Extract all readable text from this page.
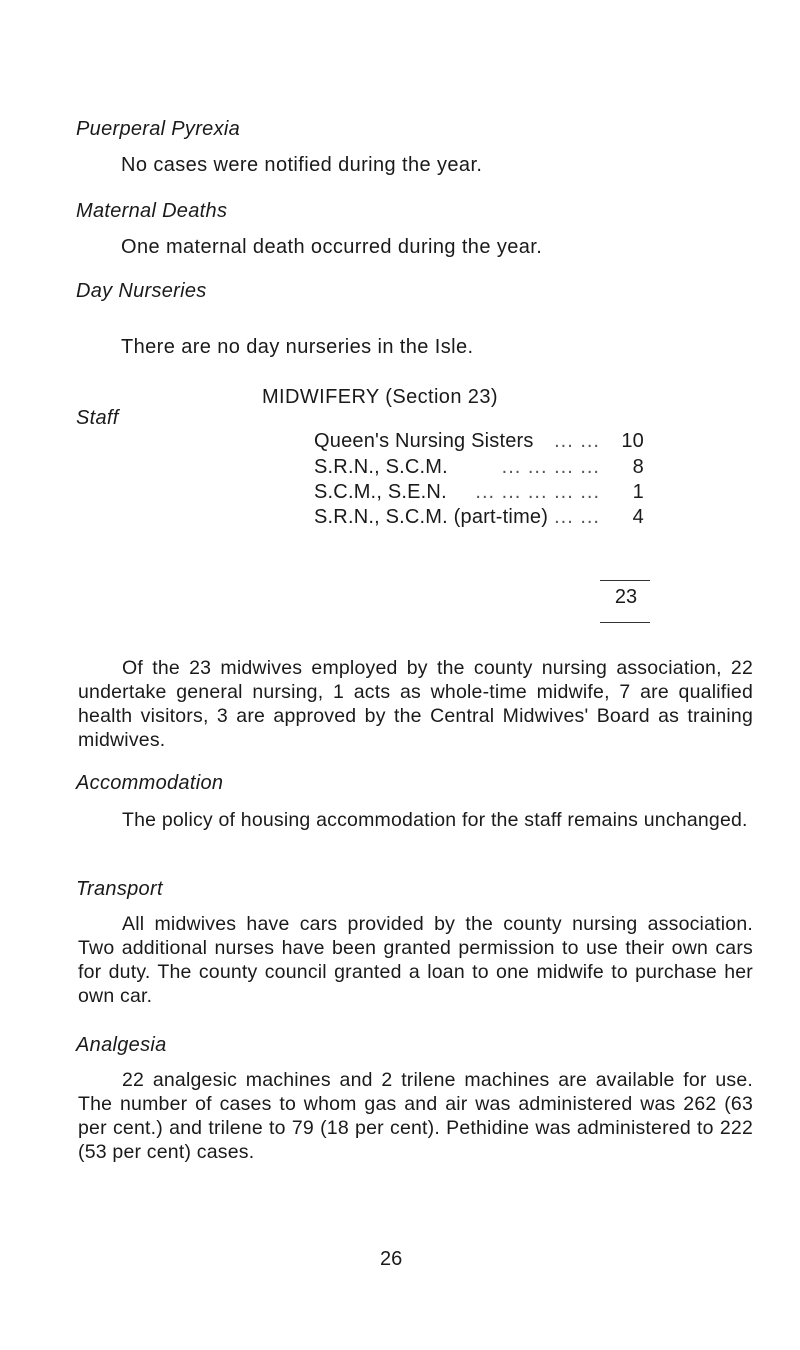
Puerperal Pyrexia
No cases were notified during the year.
Maternal Deaths
One maternal death occurred during the year.
Day Nurseries
There are no day nurseries in the Isle.
MIDWIFERY (Section 23)
Staff
Queen's Nursing Sisters	... ...	10
S.R.N., S.C.M.	... ... ... ...	8
S.C.M., S.E.N.	... ... ... ... ...	1
S.R.N., S.C.M. (part-time) ... ...	4
23
Of the 23 midwives employed by the county nursing association, 22 undertake general nursing, 1 acts as whole-time midwife, 7 are qualified health visitors, 3 are approved by the Central Midwives' Board as training midwives.
Accommodation
The policy of housing accommodation for the staff remains unchanged.
Transport
All midwives have cars provided by the county nursing association. Two additional nurses have been granted permission to use their own cars for duty. The county council granted a loan to one midwife to purchase her own car.
Analgesia
22 analgesic machines and 2 trilene machines are available for use. The number of cases to whom gas and air was administered was 262 (63 per cent.) and trilene to 79 (18 per cent). Pethidine was administered to 222 (53 per cent) cases.
26
